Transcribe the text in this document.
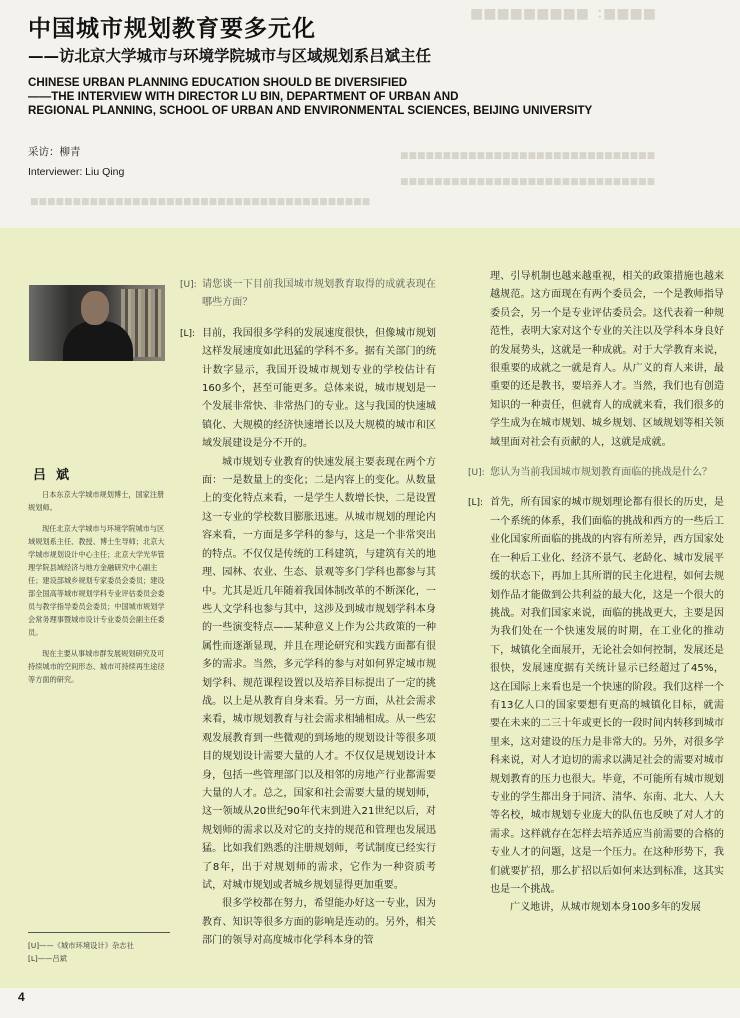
■■■■：■■■■■■■■■
■■■■■■■■■■■■■■■■■■■■■■■■■■■■■■
■■■■■■■■■■■■■■■■■■■■■■■■■■■■■■
■■■■■■■■■■■■■■■■■■■■■■■■■■■■■■■■■■■■■■■■
中国城市规划教育要多元化
——访北京大学城市与环境学院城市与区域规划系吕斌主任
CHINESE URBAN PLANNING EDUCATION SHOULD BE DIVERSIFIED
——THE INTERVIEW WITH DIRECTOR LU BIN, DEPARTMENT OF URBAN AND
REGIONAL PLANNING, SCHOOL OF URBAN AND ENVIRONMENTAL SCIENCES, BEIJING UNIVERSITY
采访：柳青
Interviewer: Liu Qing
吕斌

日本东京大学城市规划博士，国家注册规划师。

现任北京大学城市与环境学院城市与区域规划系主任、教授、博士生导师；北京大学城市规划设计中心主任；北京大学光华管理学院县域经济与地方金融研究中心副主任；建设部城乡规划专家委员会委员；建设部全国高等城市规划学科专业评估委员会委员与教学指导委员会委员；中国城市规划学会常务理事暨城市设计专业委员会副主任委员。

现在主要从事城市群发展规划研究及可持续城市的空间形态、城市可持续再生途径等方面的研究。

[U]——《城市环境设计》杂志社
[L]——吕斌
[U]: 请您谈一下目前我国城市规划教育取得的成就表现在哪些方面？
[L]: 目前，我国很多学科的发展速度很快，但像城市规划这样发展速度如此迅猛的学科不多。据有关部门的统计数字显示，我国开设城市规划专业的学校估计有160多个，甚至可能更多。总体来说，城市规划是一个发展非常快、非常热门的专业。这与我国的快速城镇化、大规模的经济快速增长以及大规模的城市和区域发展建设是分不开的。

城市规划专业教育的快速发展主要表现在两个方面：一是数量上的变化；二是内容上的变化。从数量上的变化特点来看，一是学生人数增长快，二是设置这一专业的学校数目膨胀迅速。从城市规划的理论内容来看，一方面是多学科的参与，这是一个非常突出的特点。不仅仅是传统的工科建筑，与建筑有关的地理、园林、农业、生态、景观等多门学科也都参与其中。尤其是近几年随着我国体制改革的不断深化，一些人文学科也参与其中，这涉及到城市规划学科本身的一些演变特点——某种意义上作为公共政策的一种属性而逐渐显现，并且在理论研究和实践方面都有很多的需求。当然，多元学科的参与对如何界定城市规划学科、规范课程设置以及培养目标提出了一定的挑战。以上是从教育自身来看。另一方面，从社会需求来看，城市规划教育与社会需求相辅相成。从一些宏观发展教育到一些微观的到场地的规划设计等很多项目的规划设计需要大量的人才。不仅仅是规划设计本身，包括一些管理部门以及相邻的房地产行业都需要大量的人才。总之，国家和社会需要大量的规划师，这一领域从20世纪90年代末到进入21世纪以后，对规划师的需求以及对它的支持的规范和管理也发展迅猛。比如我们熟悉的注册规划师，考试制度已经实行了8年，出于对规划师的需求，它作为一种资质考试，对城市规划或者城乡规划显得更加重要。

很多学校都在努力，希望能办好这一专业，因为教育、知识等很多方面的影响是连动的。另外，相关部门的领导对高度城市化学科本身的管

理、引导机制也越来越重视，相关的政策措施也越来越规范。这方面现在有两个委员会，一个是教师指导委员会，另一个是专业评估委员会。这代表着一种规范性，表明大家对这个专业的关注以及学科本身良好的发展势头，这就是一种成就。对于大学教育来说，很重要的成就之一就是育人。从广义的育人来讲，最重要的还是教书，要培养人才。当然，我们也有创造知识的一种责任，但就育人的成就来看，我们很多的学生成为在城市规划、城乡规划、区域规划等相关领域里面对社会有贡献的人，这就是成就。

[U]: 您认为当前我国城市规划教育面临的挑战是什么？
[L]: 首先，所有国家的城市规划理论都有很长的历史，是一个系统的体系，我们面临的挑战和西方的一些后工业化国家所面临的挑战的内容有所差异，西方国家处在一种后工业化、经济不景气、老龄化、城市发展平缓的状态下，再加上其所谓的民主化进程，如何去规划作品才能做到公共利益的最大化，这是一个很大的挑战。对我们国家来说，面临的挑战更大，主要是因为我们处在一个快速发展的时期，在工业化的推动下，城镇化全面展开，无论社会如何控制，发展还是很快，发展速度据有关统计显示已经超过了45%，这在国际上来看也是一个快速的阶段。我们这样一个有13亿人口的国家要想有更高的城镇化目标，就需要在未来的二三十年或更长的一段时间内转移到城市里来，这对建设的压力是非常大的。另外，对很多学科来说，对人才迫切的需求以满足社会的需要对城市规划教育的压力也很大。毕竟，不可能所有城市规划专业的学生都出身于同济、清华、东南、北大、人大等名校，城市规划专业庞大的队伍也反映了对人才的需求。这样就存在怎样去培养适应当前需要的合格的专业人才的问题，这是一个压力。在这种形势下，我们就要扩招，那么扩招以后如何来达到标准，这其实也是一个挑战。

广义地讲，从城市规划本身100多年的发展

4
